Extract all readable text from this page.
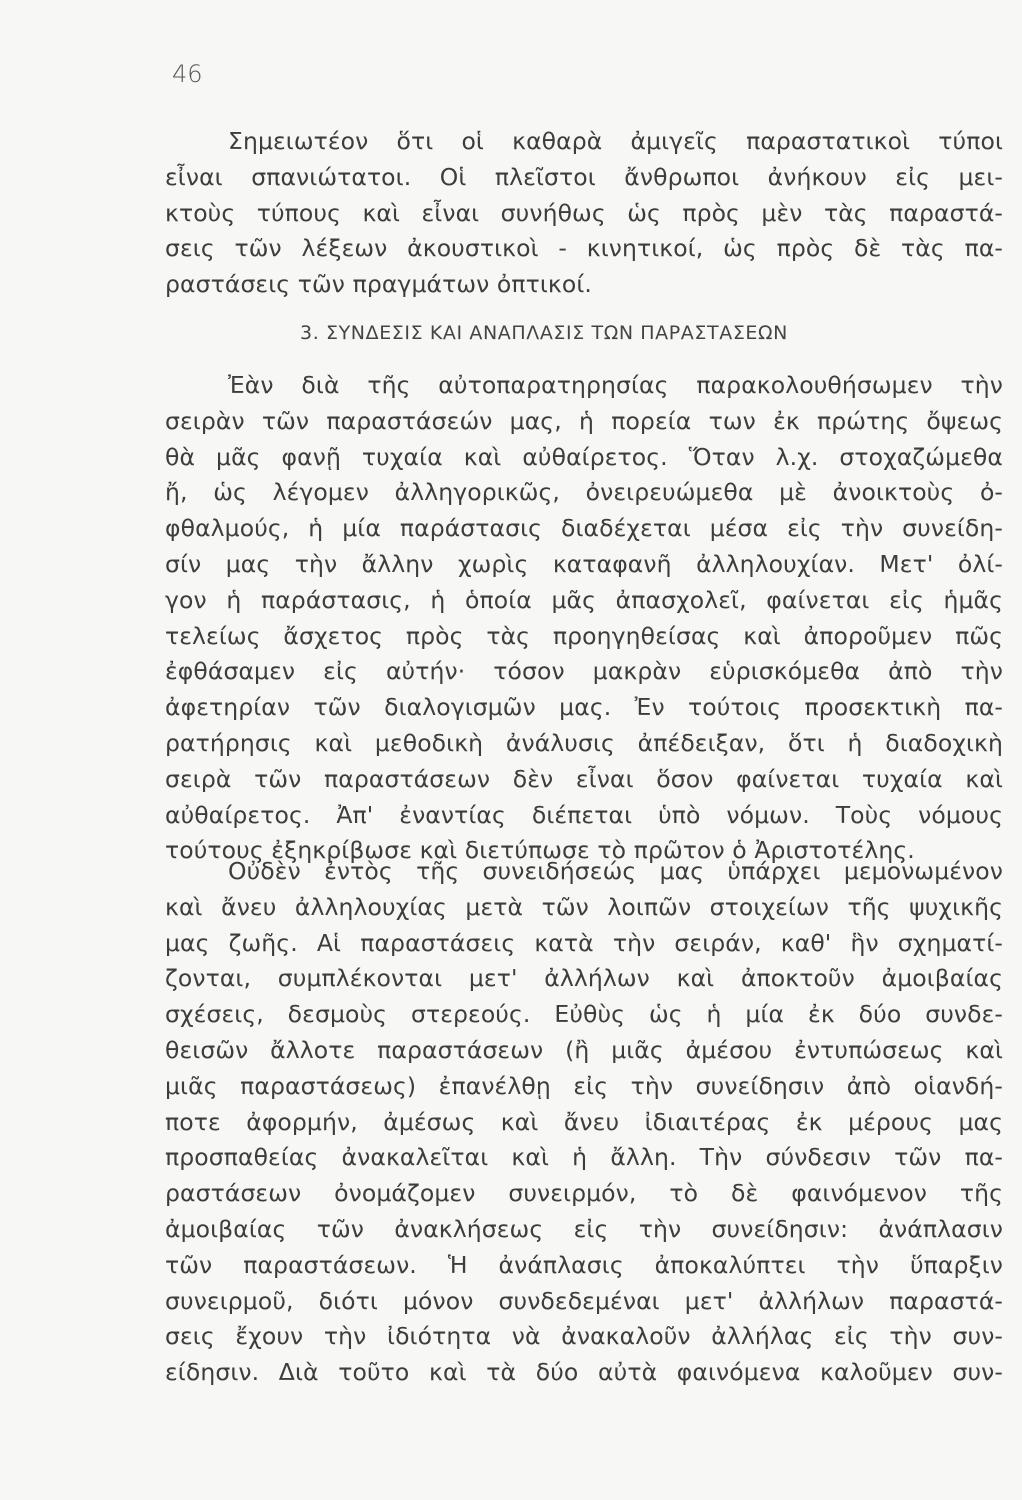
46
Σημειωτέον ὅτι οἱ καθαρὰ ἀμιγεῖς παραστατικοὶ τύποι
εἶναι σπανιώτατοι. Οἱ πλεῖστοι ἄνθρωποι ἀνήκουν εἰς μει-
κτοὺς τύπους καὶ εἶναι συνήθως ὡς πρὸς μὲν τὰς παραστά-
σεις τῶν λέξεων ἀκουστικοὶ - κινητικοί, ὡς πρὸς δὲ τὰς πα-
ραστάσεις τῶν πραγμάτων ὀπτικοί.
3. ΣΥΝΔΕΣΙΣ ΚΑΙ ΑΝΑΠΛΑΣΙΣ ΤΩΝ ΠΑΡΑΣΤΑΣΕΩΝ
Ἐὰν διὰ τῆς αὐτοπαρατηρησίας παρακολουθήσωμεν τὴν
σειρὰν τῶν παραστάσεών μας, ἡ πορεία των ἐκ πρώτης ὄψεως
θὰ μᾶς φανῇ τυχαία καὶ αὐθαίρετος. Ὅταν λ.χ. στοχαζώμεθα
ἤ, ὡς λέγομεν ἀλληγορικῶς, ὀνειρευώμεθα μὲ ἀνοικτοὺς ὀ-
φθαλμούς, ἡ μία παράστασις διαδέχεται μέσα εἰς τὴν συνείδη-
σίν μας τὴν ἄλλην χωρὶς καταφανῆ ἀλληλουχίαν. Μετ' ὀλί-
γον ἡ παράστασις, ἡ ὁποία μᾶς ἀπασχολεῖ, φαίνεται εἰς ἡμᾶς
τελείως ἄσχετος πρὸς τὰς προηγηθείσας καὶ ἀποροῦμεν πῶς
ἐφθάσαμεν εἰς αὐτήν· τόσον μακρὰν εὑρισκόμεθα ἀπὸ τὴν
ἀφετηρίαν τῶν διαλογισμῶν μας. Ἐν τούτοις προσεκτικὴ πα-
ρατήρησις καὶ μεθοδικὴ ἀνάλυσις ἀπέδειξαν, ὅτι ἡ διαδοχικὴ
σειρὰ τῶν παραστάσεων δὲν εἶναι ὅσον φαίνεται τυχαία καὶ
αὐθαίρετος. Ἀπ' ἐναντίας διέπεται ὑπὸ νόμων. Τοὺς νόμους
τούτους ἐξηκρίβωσε καὶ διετύπωσε τὸ πρῶτον ὁ Ἀριστοτέλης.
Οὐδὲν ἐντὸς τῆς συνειδήσεώς μας ὑπάρχει μεμονωμένον
καὶ ἄνευ ἀλληλουχίας μετὰ τῶν λοιπῶν στοιχείων τῆς ψυχικῆς
μας ζωῆς. Αἱ παραστάσεις κατὰ τὴν σειράν, καθ' ἣν σχηματί-
ζονται, συμπλέκονται μετ' ἀλλήλων καὶ ἀποκτοῦν ἀμοιβαίας
σχέσεις, δεσμοὺς στερεούς. Εὐθὺς ὡς ἡ μία ἐκ δύο συνδε-
θεισῶν ἄλλοτε παραστάσεων (ἢ μιᾶς ἀμέσου ἐντυπώσεως καὶ
μιᾶς παραστάσεως) ἐπανέλθῃ εἰς τὴν συνείδησιν ἀπὸ οἱανδή-
ποτε ἀφορμήν, ἀμέσως καὶ ἄνευ ἰδιαιτέρας ἐκ μέρους μας
προσπαθείας ἀνακαλεῖται καὶ ἡ ἄλλη. Τὴν σύνδεσιν τῶν πα-
ραστάσεων ὀνομάζομεν συνειρμόν, τὸ δὲ φαινόμενον τῆς
ἀμοιβαίας τῶν ἀνακλήσεως εἰς τὴν συνείδησιν: ἀνάπλασιν
τῶν παραστάσεων. Ἡ ἀνάπλασις ἀποκαλύπτει τὴν ὕπαρξιν
συνειρμοῦ, διότι μόνον συνδεδεμέναι μετ' ἀλλήλων παραστά-
σεις ἔχουν τὴν ἰδιότητα νὰ ἀνακαλοῦν ἀλλήλας εἰς τὴν συν-
είδησιν. Διὰ τοῦτο καὶ τὰ δύο αὐτὰ φαινόμενα καλοῦμεν συν-
